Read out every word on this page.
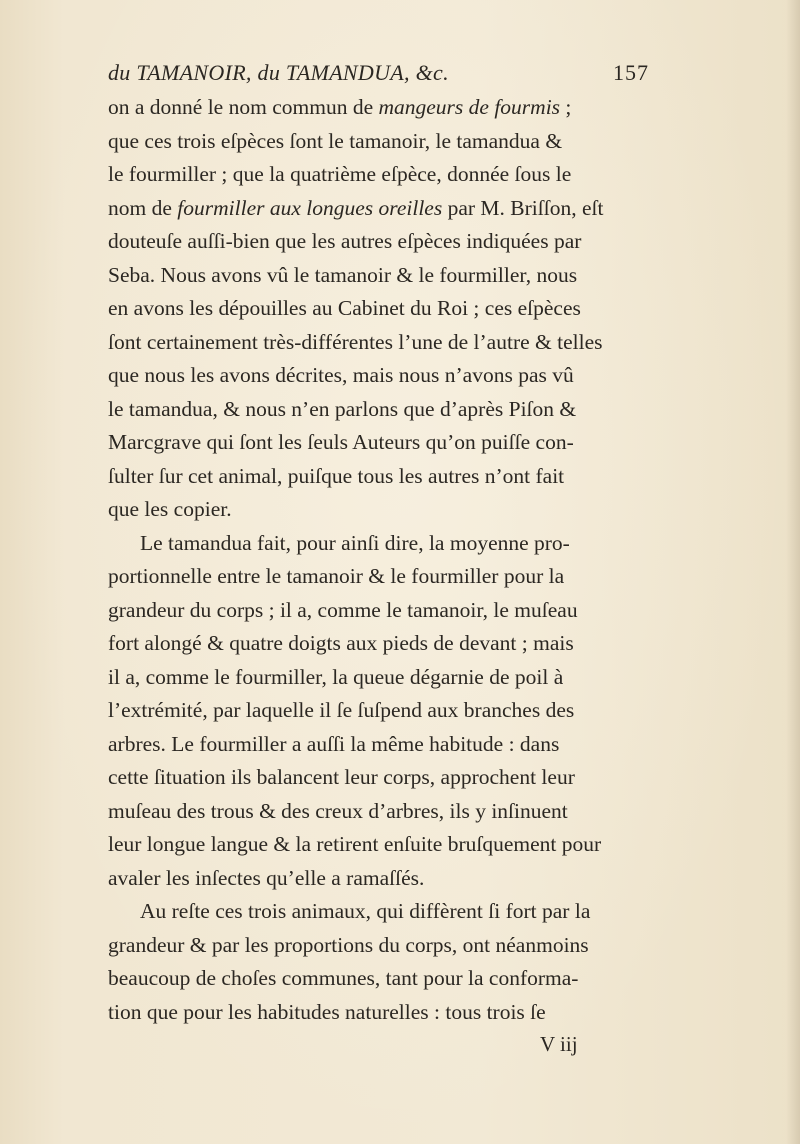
du TAMANOIR, du TAMANDUA, &c.	157
on a donné le nom commun de mangeurs de fourmis ;
que ces trois eſpèces ſont le tamanoir, le tamandua &
le fourmiller ; que la quatrième eſpèce, donnée ſous le
nom de fourmiller aux longues oreilles par M. Briſſon, eſt
douteuſe auſſi-bien que les autres eſpèces indiquées par
Seba. Nous avons vû le tamanoir & le fourmiller, nous
en avons les dépouilles au Cabinet du Roi ; ces eſpèces
ſont certainement très-différentes l’une de l’autre & telles
que nous les avons décrites, mais nous n’avons pas vû
le tamandua, & nous n’en parlons que d’après Piſon &
Marcgrave qui ſont les ſeuls Auteurs qu’on puiſſe con-
ſulter ſur cet animal, puiſque tous les autres n’ont fait
que les copier.
Le tamandua fait, pour ainſi dire, la moyenne pro-
portionnelle entre le tamanoir & le fourmiller pour la
grandeur du corps ; il a, comme le tamanoir, le muſeau
fort alongé & quatre doigts aux pieds de devant ; mais
il a, comme le fourmiller, la queue dégarnie de poil à
l’extrémité, par laquelle il ſe ſuſpend aux branches des
arbres. Le fourmiller a auſſi la même habitude : dans
cette ſituation ils balancent leur corps, approchent leur
muſeau des trous & des creux d’arbres, ils y inſinuent
leur longue langue & la retirent enſuite bruſquement pour
avaler les inſectes qu’elle a ramaſſés.
Au reſte ces trois animaux, qui diffèrent ſi fort par la
grandeur & par les proportions du corps, ont néanmoins
beaucoup de choſes communes, tant pour la conforma-
tion que pour les habitudes naturelles : tous trois ſe
V iij
